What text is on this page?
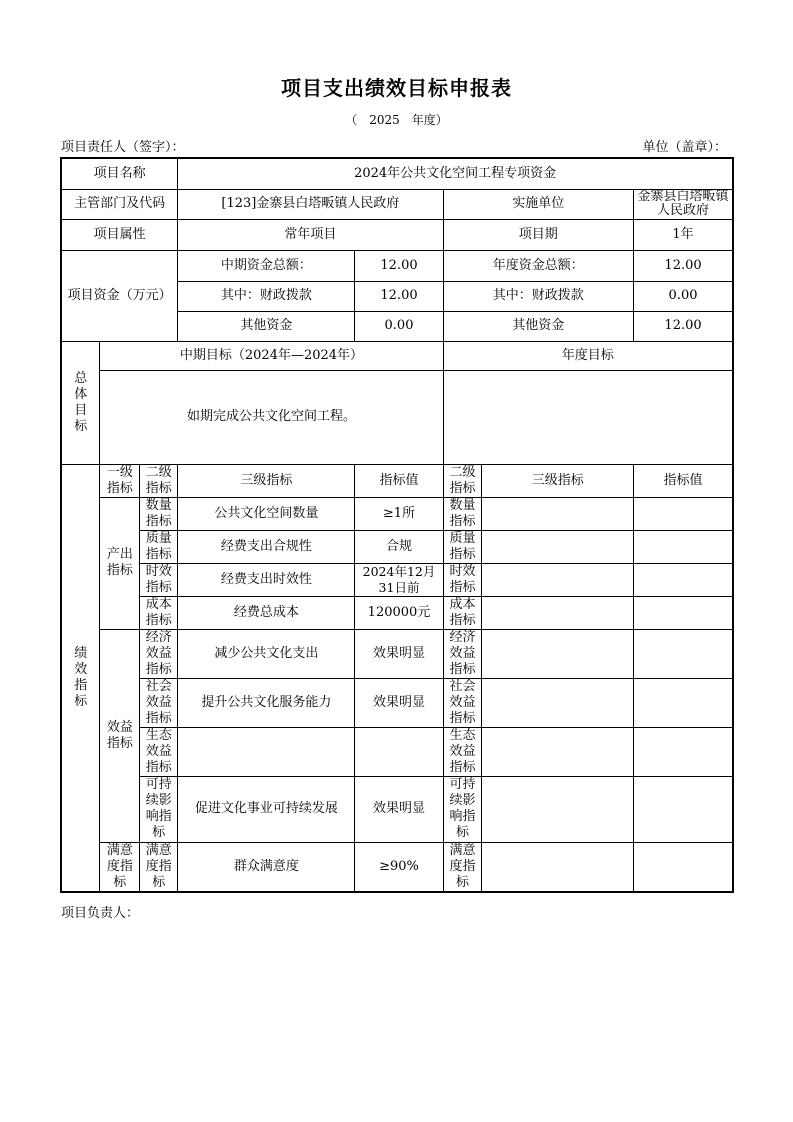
项目支出绩效目标申报表
（　2025　年度）
项目责任人（签字）：	单位（盖章）：
项目名称			2024年公共文化空间工程专项资金				
主管部门及代码			[123]金寨县白塔畈镇人民政府		实施单位		金寨县白塔畈镇人民政府
项目属性			常年项目		项目期		1年
项目资金（万元）			中期资金总额：	12.00	年度资金总额：		12.00
			其中：财政拨款	12.00	其中：财政拨款		0.00
			其他资金	0.00	其他资金		12.00

总体目标	中期目标（2024年—2024年）				年度目标		
	如期完成公共文化空间工程。						

绩效指标	一级指标	二级指标	三级指标	指标值	二级指标	三级指标	指标值
	产出指标	数量指标	公共文化空间数量	≥1所	数量指标		
		质量指标	经费支出合规性	合规	质量指标		
		时效指标	经费支出时效性	2024年12月31日前	时效指标		
		成本指标	经费总成本	120000元	成本指标		
	效益指标	经济效益指标	减少公共文化支出	效果明显	经济效益指标		
		社会效益指标	提升公共文化服务能力	效果明显	社会效益指标		
		生态效益指标			生态效益指标		
		可持续影响指标	促进文化事业可持续发展	效果明显	可持续影响指标		
	满意度指标	满意度指标	群众满意度	≥90%	满意度指标		
项目负责人：
